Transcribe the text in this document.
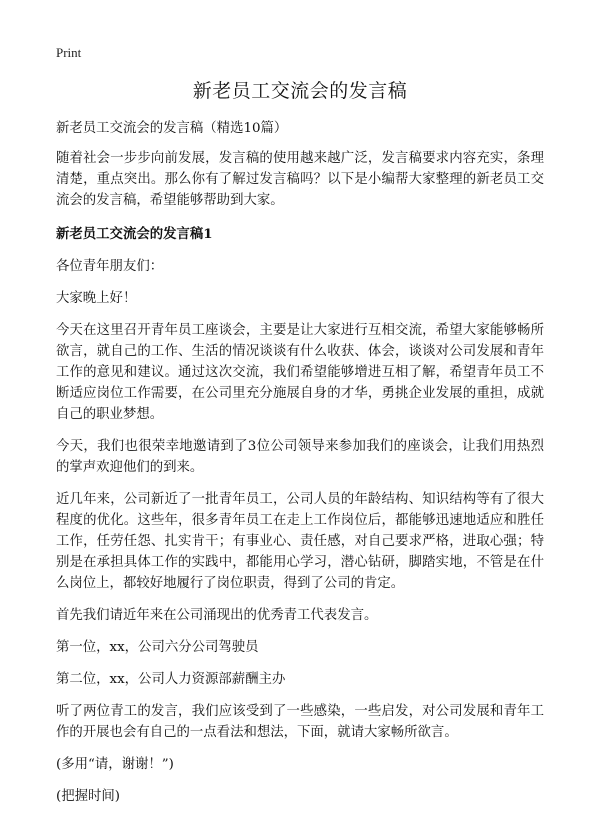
Print
新老员工交流会的发言稿

新老员工交流会的发言稿（精选10篇）

随着社会一步步向前发展，发言稿的使用越来越广泛，发言稿要求内容充实，条理清楚，重点突出。那么你有了解过发言稿吗？以下是小编帮大家整理的新老员工交流会的发言稿，希望能够帮助到大家。

新老员工交流会的发言稿1

各位青年朋友们：

大家晚上好！

今天在这里召开青年员工座谈会，主要是让大家进行互相交流，希望大家能够畅所欲言，就自己的工作、生活的情况谈谈有什么收获、体会，谈谈对公司发展和青年工作的意见和建议。通过这次交流，我们希望能够增进互相了解，希望青年员工不断适应岗位工作需要，在公司里充分施展自身的才华，勇挑企业发展的重担，成就自己的职业梦想。

今天，我们也很荣幸地邀请到了3位公司领导来参加我们的座谈会，让我们用热烈的掌声欢迎他们的到来。

近几年来，公司新近了一批青年员工，公司人员的年龄结构、知识结构等有了很大程度的优化。这些年，很多青年员工在走上工作岗位后，都能够迅速地适应和胜任工作，任劳任怨、扎实肯干；有事业心、责任感，对自己要求严格，进取心强；特别是在承担具体工作的实践中，都能用心学习，潜心钻研，脚踏实地，不管是在什么岗位上，都较好地履行了岗位职责，得到了公司的肯定。

首先我们请近年来在公司涌现出的优秀青工代表发言。

第一位，xx，公司六分公司驾驶员

第二位，xx，公司人力资源部薪酬主办

听了两位青工的发言，我们应该受到了一些感染，一些启发，对公司发展和青年工作的开展也会有自己的一点看法和想法，下面，就请大家畅所欲言。

(多用“请，谢谢！”)

(把握时间)
